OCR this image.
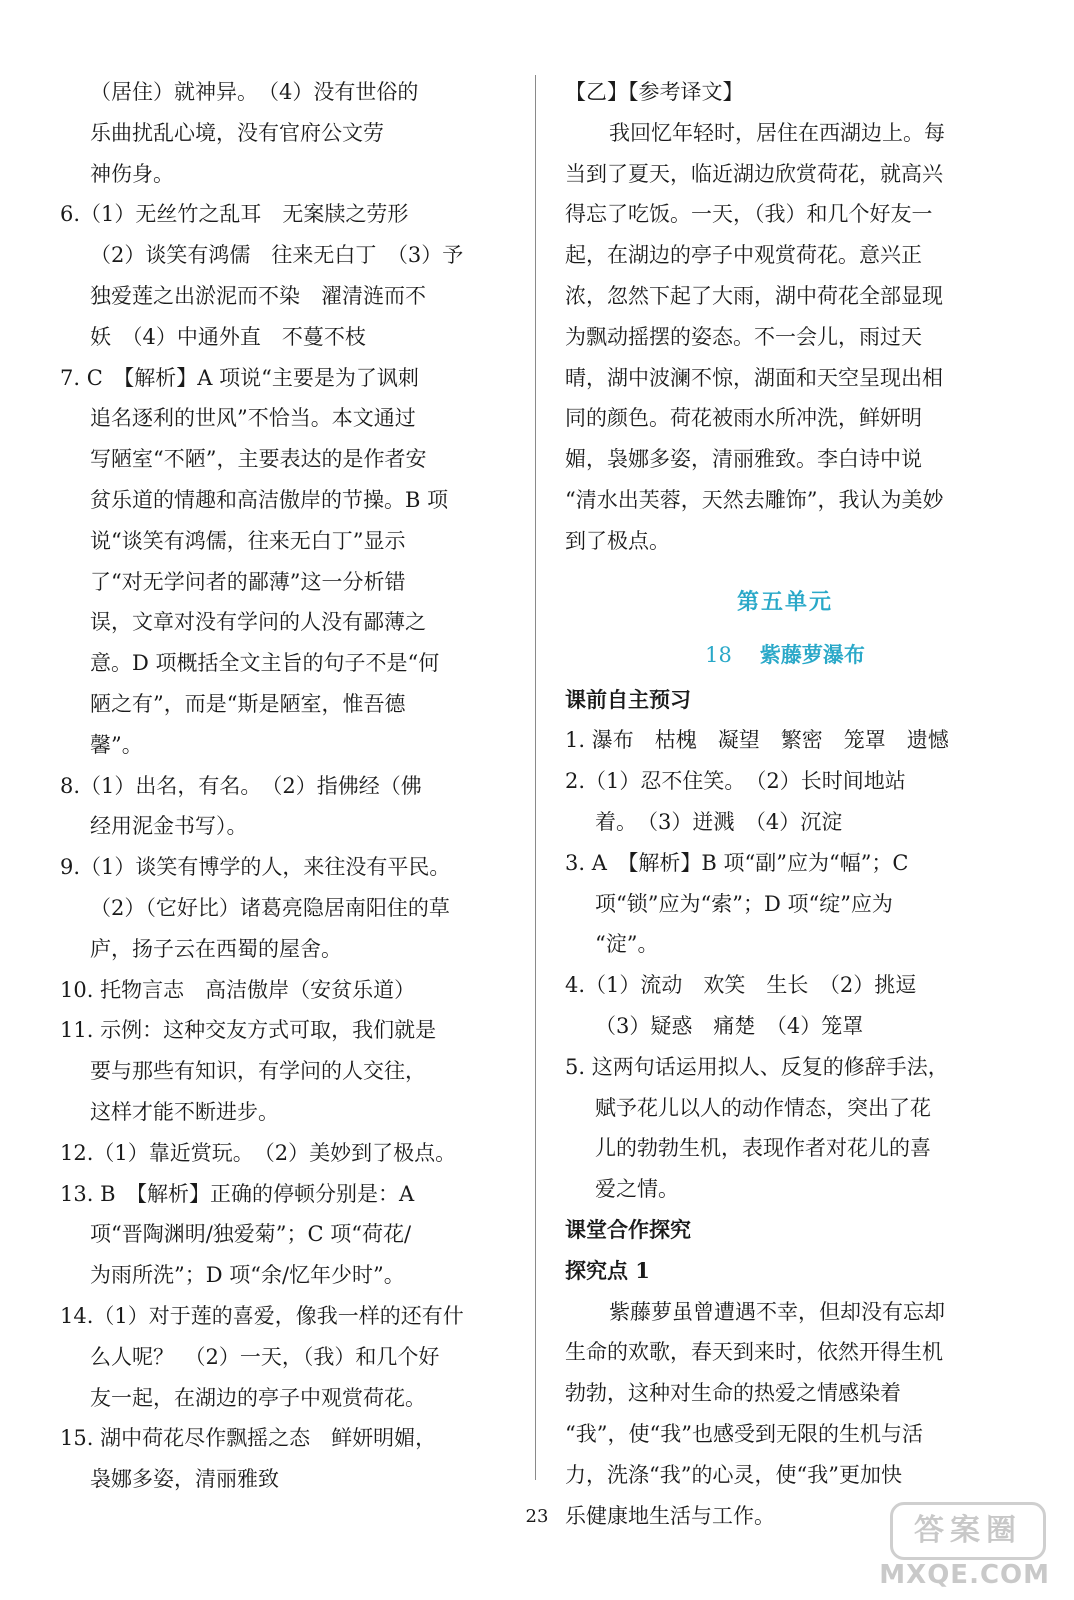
（居住）就神异。　（4）没有世俗的
乐曲扰乱心境，没有官府公文劳
神伤身。
6.（1）无丝竹之乱耳　无案牍之劳形
（2）谈笑有鸿儒　往来无白丁　（3）予
独爱莲之出淤泥而不染　濯清涟而不
妖　（4）中通外直　不蔓不枝
7. C　【解析】A 项说“主要是为了讽刺
追名逐利的世风”不恰当。本文通过
写陋室“不陋”，主要表达的是作者安
贫乐道的情趣和高洁傲岸的节操。B 项
说“谈笑有鸿儒，往来无白丁”显示
了“对无学问者的鄙薄”这一分析错
误，文章对没有学问的人没有鄙薄之
意。D 项概括全文主旨的句子不是“何
陋之有”，而是“斯是陋室，惟吾德
馨”。
8.（1）出名，有名。　（2）指佛经（佛
经用泥金书写）。
9.（1）谈笑有博学的人，来往没有平民。
（2）（它好比）诸葛亮隐居南阳住的草
庐，扬子云在西蜀的屋舍。
10. 托物言志　高洁傲岸（安贫乐道）
11. 示例：这种交友方式可取，我们就是
要与那些有知识，有学问的人交往，
这样才能不断进步。
12.（1）靠近赏玩。　（2）美妙到了极点。
13. B　【解析】正确的停顿分别是：A
项“晋陶渊明/独爱菊”；C 项“荷花/
为雨所洗”；D 项“余/忆年少时”。
14.（1）对于莲的喜爱，像我一样的还有什
么人呢？　（2）一天，（我）和几个好
友一起，在湖边的亭子中观赏荷花。
15. 湖中荷花尽作飘摇之态　鲜妍明媚，
袅娜多姿，清丽雅致
【乙】【参考译文】
我回忆年轻时，居住在西湖边上。每
当到了夏天，临近湖边欣赏荷花，就高兴
得忘了吃饭。一天，（我）和几个好友一
起，在湖边的亭子中观赏荷花。意兴正
浓，忽然下起了大雨，湖中荷花全部显现
为飘动摇摆的姿态。不一会儿，雨过天
晴，湖中波澜不惊，湖面和天空呈现出相
同的颜色。荷花被雨水所冲洗，鲜妍明
媚，袅娜多姿，清丽雅致。李白诗中说
“清水出芙蓉，天然去雕饰”，我认为美妙
到了极点。
第五单元
18 紫藤萝瀑布
课前自主预习
1. 瀑布　枯槐　凝望　繁密　笼罩　遗憾
2.（1）忍不住笑。　（2）长时间地站
着。　（3）迸溅　（4）沉淀
3. A　【解析】B 项“副”应为“幅”；C
项“锁”应为“索”；D 项“绽”应为
“淀”。
4.（1）流动　欢笑　生长　（2）挑逗
（3）疑惑　痛楚　（4）笼罩
5. 这两句话运用拟人、反复的修辞手法，
赋予花儿以人的动作情态，突出了花
儿的勃勃生机，表现作者对花儿的喜
爱之情。
课堂合作探究
探究点 1
紫藤萝虽曾遭遇不幸，但却没有忘却
生命的欢歌，春天到来时，依然开得生机
勃勃，这种对生命的热爱之情感染着
“我”，使“我”也感受到无限的生机与活
力，洗涤“我”的心灵，使“我”更加快
乐健康地生活与工作。
23	答案圈
MXQE.COM
